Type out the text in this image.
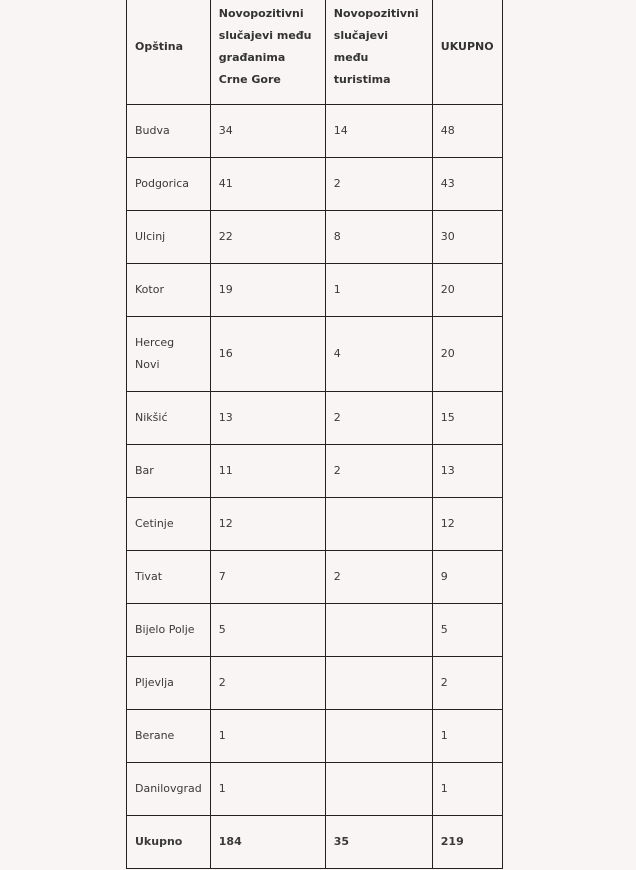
Opština	Novopozitivni slučajevi među građanima Crne Gore	Novopozitivni slučajevi među turistima	UKUPNO
Budva	34	14	48
Podgorica	41	2	43
Ulcinj	22	8	30
Kotor	19	1	20
Herceg Novi	16	4	20
Nikšić	13	2	15
Bar	11	2	13
Cetinje	12		12
Tivat	7	2	9
Bijelo Polje	5		5
Pljevlja	2		2
Berane	1		1
Danilovgrad	1		1
Ukupno	184	35	219
